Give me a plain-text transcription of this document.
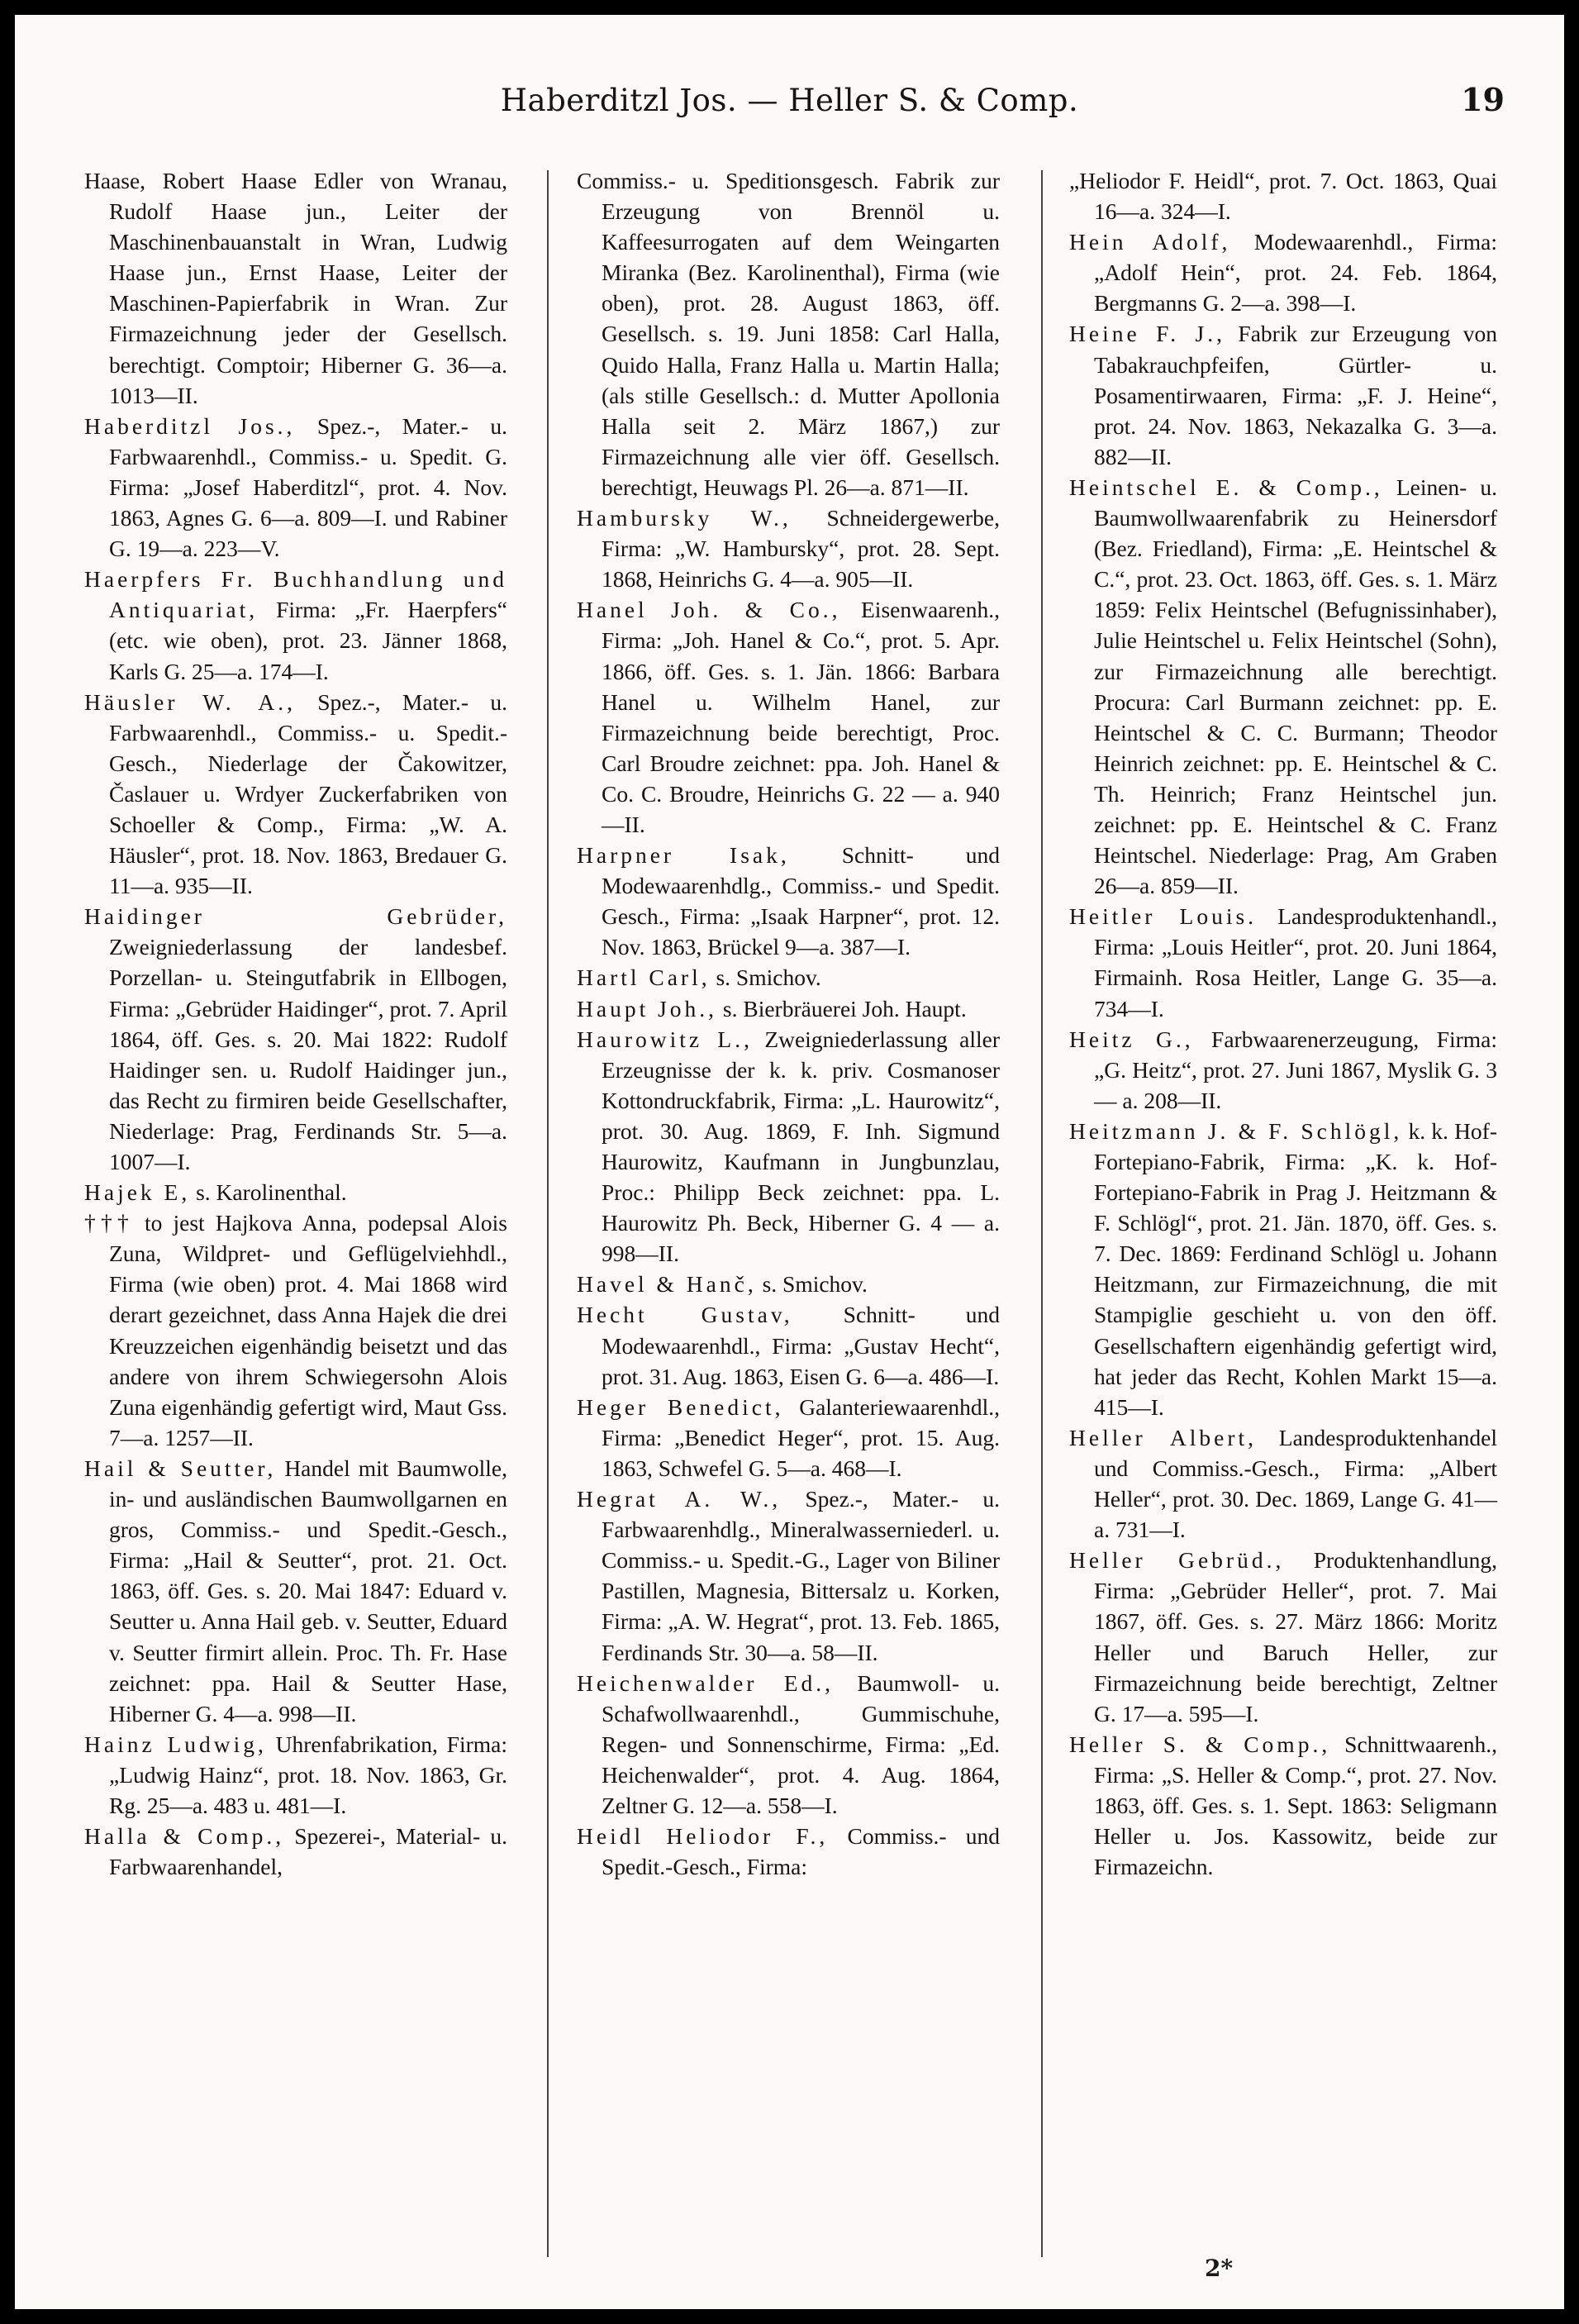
Haberditzl Jos. — Heller S. & Comp.	19

Haase, Robert Haase Edler von Wranau, Rudolf Haase jun., Leiter der Maschinenbauanstalt in Wran, Ludwig Haase jun., Ernst Haase, Leiter der Maschinen-Papierfabrik in Wran. Zur Firmazeichnung jeder der Gesellsch. berechtigt. Comptoir; Hiberner G. 36—a. 1013—II.

Haberditzl Jos., Spez.-, Mater.- u. Farbwaarenhdl., Commiss.- u. Spedit. G. Firma: „Josef Haberditzl“, prot. 4. Nov. 1863, Agnes G. 6—a. 809—I. und Rabiner G. 19—a. 223—V.

Haerpfers Fr. Buchhandlung und Antiquariat, Firma: „Fr. Haerpfers“ (etc. wie oben), prot. 23. Jänner 1868, Karls G. 25—a. 174—I.

Häusler W. A., Spez.-, Mater.- u. Farbwaarenhdl., Commiss.- u. Spedit.-Gesch., Niederlage der Čakowitzer, Časlauer u. Wrdyer Zuckerfabriken von Schoeller & Comp., Firma: „W. A. Häusler“, prot. 18. Nov. 1863, Bredauer G. 11—a. 935—II.

Haidinger Gebrüder, Zweigniederlassung der landesbef. Porzellan- u. Steingutfabrik in Ellbogen, Firma: „Gebrüder Haidinger“, prot. 7. April 1864, öff. Ges. s. 20. Mai 1822: Rudolf Haidinger sen. u. Rudolf Haidinger jun., das Recht zu firmiren beide Gesellschafter, Niederlage: Prag, Ferdinands Str. 5—a. 1007—I.

Hajek E, s. Karolinenthal.

††† to jest Hajkova Anna, podepsal Alois Zuna, Wildpret- und Geflügelviehhdl., Firma (wie oben) prot. 4. Mai 1868 wird derart gezeichnet, dass Anna Hajek die drei Kreuzzeichen eigenhändig beisetzt und das andere von ihrem Schwiegersohn Alois Zuna eigenhändig gefertigt wird, Maut Gss. 7—a. 1257—II.

Hail & Seutter, Handel mit Baumwolle, in- und ausländischen Baumwollgarnen en gros, Commiss.- und Spedit.-Gesch., Firma: „Hail & Seutter“, prot. 21. Oct. 1863, öff. Ges. s. 20. Mai 1847: Eduard v. Seutter u. Anna Hail geb. v. Seutter, Eduard v. Seutter firmirt allein. Proc. Th. Fr. Hase zeichnet: ppa. Hail & Seutter Hase, Hiberner G. 4—a. 998—II.

Hainz Ludwig, Uhrenfabrikation, Firma: „Ludwig Hainz“, prot. 18. Nov. 1863, Gr. Rg. 25—a. 483 u. 481—I.

Halla & Comp., Spezerei-, Material- u. Farbwaarenhandel,

Commiss.- u. Speditionsgesch. Fabrik zur Erzeugung von Brennöl u. Kaffeesurrogaten auf dem Weingarten Miranka (Bez. Karolinenthal), Firma (wie oben), prot. 28. August 1863, öff. Gesellsch. s. 19. Juni 1858: Carl Halla, Quido Halla, Franz Halla u. Martin Halla; (als stille Gesellsch.: d. Mutter Apollonia Halla seit 2. März 1867,) zur Firmazeichnung alle vier öff. Gesellsch. berechtigt, Heuwags Pl. 26—a. 871—II.

Hambursky W., Schneidergewerbe, Firma: „W. Hambursky“, prot. 28. Sept. 1868, Heinrichs G. 4—a. 905—II.

Hanel Joh. & Co., Eisenwaarenh., Firma: „Joh. Hanel & Co.“, prot. 5. Apr. 1866, öff. Ges. s. 1. Jän. 1866: Barbara Hanel u. Wilhelm Hanel, zur Firmazeichnung beide berechtigt, Proc. Carl Broudre zeichnet: ppa. Joh. Hanel & Co. C. Broudre, Heinrichs G. 22 — a. 940—II.

Harpner Isak, Schnitt- und Modewaarenhdlg., Commiss.- und Spedit. Gesch., Firma: „Isaak Harpner“, prot. 12. Nov. 1863, Brückel 9—a. 387—I.

Hartl Carl, s. Smichov.

Haupt Joh., s. Bierbräuerei Joh. Haupt.

Haurowitz L., Zweigniederlassung aller Erzeugnisse der k. k. priv. Cosmanoser Kottondruckfabrik, Firma: „L. Haurowitz“, prot. 30. Aug. 1869, F. Inh. Sigmund Haurowitz, Kaufmann in Jungbunzlau, Proc.: Philipp Beck zeichnet: ppa. L. Haurowitz Ph. Beck, Hiberner G. 4 — a. 998—II.

Havel & Hanč, s. Smichov.

Hecht Gustav, Schnitt- und Modewaarenhdl., Firma: „Gustav Hecht“, prot. 31. Aug. 1863, Eisen G. 6—a. 486—I.

Heger Benedict, Galanteriewaarenhdl., Firma: „Benedict Heger“, prot. 15. Aug. 1863, Schwefel G. 5—a. 468—I.

Hegrat A. W., Spez.-, Mater.- u. Farbwaarenhdlg., Mineralwasserniederl. u. Commiss.- u. Spedit.-G., Lager von Biliner Pastillen, Magnesia, Bittersalz u. Korken, Firma: „A. W. Hegrat“, prot. 13. Feb. 1865, Ferdinands Str. 30—a. 58—II.

Heichenwalder Ed., Baumwoll- u. Schafwollwaarenhdl., Gummischuhe, Regen- und Sonnenschirme, Firma: „Ed. Heichenwalder“, prot. 4. Aug. 1864, Zeltner G. 12—a. 558—I.

Heidl Heliodor F., Commiss.- und Spedit.-Gesch., Firma:

„Heliodor F. Heidl“, prot. 7. Oct. 1863, Quai 16—a. 324—I.

Hein Adolf, Modewaarenhdl., Firma: „Adolf Hein“, prot. 24. Feb. 1864, Bergmanns G. 2—a. 398—I.

Heine F. J., Fabrik zur Erzeugung von Tabakrauchpfeifen, Gürtler- u. Posamentirwaaren, Firma: „F. J. Heine“, prot. 24. Nov. 1863, Nekazalka G. 3—a. 882—II.

Heintschel E. & Comp., Leinen- u. Baumwollwaarenfabrik zu Heinersdorf (Bez. Friedland), Firma: „E. Heintschel & C.“, prot. 23. Oct. 1863, öff. Ges. s. 1. März 1859: Felix Heintschel (Befugnissinhaber), Julie Heintschel u. Felix Heintschel (Sohn), zur Firmazeichnung alle berechtigt. Procura: Carl Burmann zeichnet: pp. E. Heintschel & C. C. Burmann; Theodor Heinrich zeichnet: pp. E. Heintschel & C. Th. Heinrich; Franz Heintschel jun. zeichnet: pp. E. Heintschel & C. Franz Heintschel. Niederlage: Prag, Am Graben 26—a. 859—II.

Heitler Louis. Landesproduktenhandl., Firma: „Louis Heitler“, prot. 20. Juni 1864, Firmainh. Rosa Heitler, Lange G. 35—a. 734—I.

Heitz G., Farbwaarenerzeugung, Firma: „G. Heitz“, prot. 27. Juni 1867, Myslik G. 3 — a. 208—II.

Heitzmann J. & F. Schlögl, k. k. Hof-Fortepiano-Fabrik, Firma: „K. k. Hof-Fortepiano-Fabrik in Prag J. Heitzmann & F. Schlögl“, prot. 21. Jän. 1870, öff. Ges. s. 7. Dec. 1869: Ferdinand Schlögl u. Johann Heitzmann, zur Firmazeichnung, die mit Stampiglie geschieht u. von den öff. Gesellschaftern eigenhändig gefertigt wird, hat jeder das Recht, Kohlen Markt 15—a. 415—I.

Heller Albert, Landesproduktenhandel und Commiss.-Gesch., Firma: „Albert Heller“, prot. 30. Dec. 1869, Lange G. 41—a. 731—I.

Heller Gebrüd., Produktenhandlung, Firma: „Gebrüder Heller“, prot. 7. Mai 1867, öff. Ges. s. 27. März 1866: Moritz Heller und Baruch Heller, zur Firmazeichnung beide berechtigt, Zeltner G. 17—a. 595—I.

Heller S. & Comp., Schnittwaarenh., Firma: „S. Heller & Comp.“, prot. 27. Nov. 1863, öff. Ges. s. 1. Sept. 1863: Seligmann Heller u. Jos. Kassowitz, beide zur Firmazeichn.

2*
